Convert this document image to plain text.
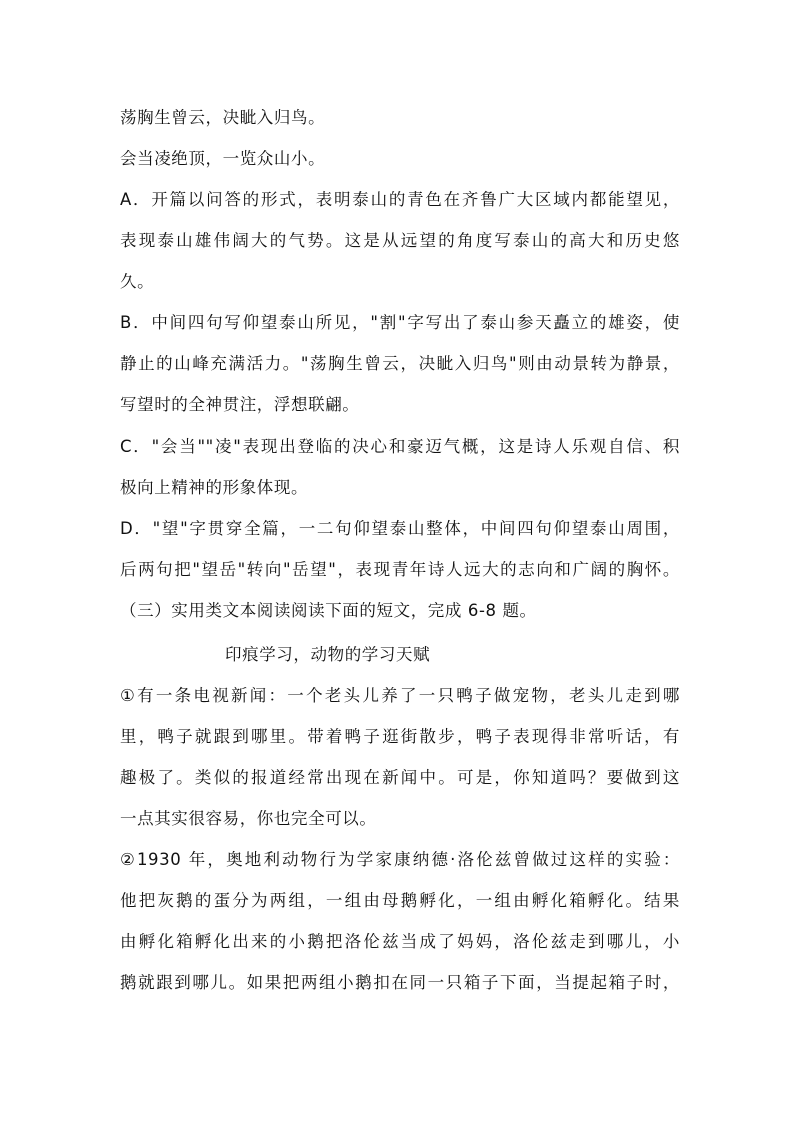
荡胸生曾云，决眦入归鸟。
会当凌绝顶，一览众山小。
A．开篇以问答的形式，表明泰山的青色在齐鲁广大区域内都能望见，
表现泰山雄伟阔大的气势。这是从远望的角度写泰山的高大和历史悠
久。
B．中间四句写仰望泰山所见，"割"字写出了泰山参天矗立的雄姿，使
静止的山峰充满活力。"荡胸生曾云，决眦入归鸟"则由动景转为静景，
写望时的全神贯注，浮想联翩。
C．"会当""凌"表现出登临的决心和豪迈气概，这是诗人乐观自信、积
极向上精神的形象体现。
D．"望"字贯穿全篇，一二句仰望泰山整体，中间四句仰望泰山周围，
后两句把"望岳"转向"岳望"，表现青年诗人远大的志向和广阔的胸怀。
（三）实用类文本阅读阅读下面的短文，完成 6-8 题。
印痕学习，动物的学习天赋
①有一条电视新闻：一个老头儿养了一只鸭子做宠物，老头儿走到哪
里，鸭子就跟到哪里。带着鸭子逛街散步，鸭子表现得非常听话，有
趣极了。类似的报道经常出现在新闻中。可是，你知道吗？要做到这
一点其实很容易，你也完全可以。
②1930 年，奥地利动物行为学家康纳德·洛伦兹曾做过这样的实验：
他把灰鹅的蛋分为两组，一组由母鹅孵化，一组由孵化箱孵化。结果
由孵化箱孵化出来的小鹅把洛伦兹当成了妈妈，洛伦兹走到哪儿，小
鹅就跟到哪儿。如果把两组小鹅扣在同一只箱子下面，当提起箱子时，
